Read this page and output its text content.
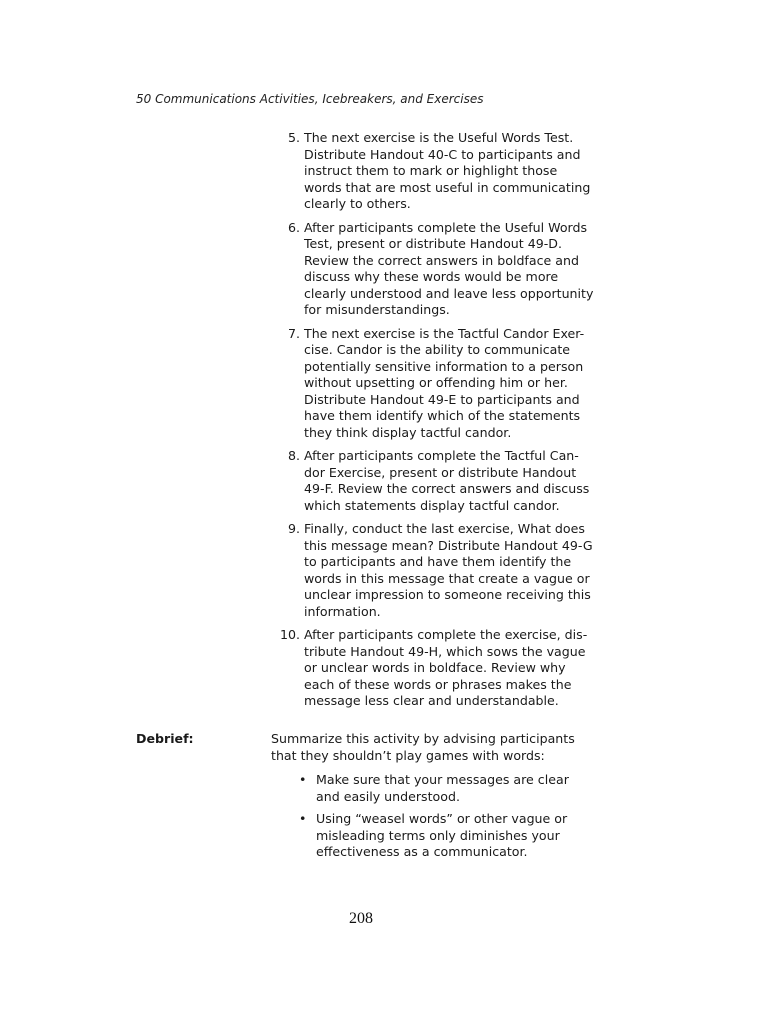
50 Communications Activities, Icebreakers, and Exercises
5. The next exercise is the Useful Words Test. Distribute Handout 40-C to participants and instruct them to mark or highlight those words that are most useful in communicating clearly to others.
6. After participants complete the Useful Words Test, present or distribute Handout 49-D. Review the correct answers in boldface and discuss why these words would be more clearly understood and leave less opportunity for misunderstandings.
7. The next exercise is the Tactful Candor Exer-cise. Candor is the ability to communicate potentially sensitive information to a person without upsetting or offending him or her. Distribute Handout 49-E to participants and have them identify which of the statements they think display tactful candor.
8. After participants complete the Tactful Can-dor Exercise, present or distribute Handout 49-F. Review the correct answers and discuss which statements display tactful candor.
9. Finally, conduct the last exercise, What does this message mean? Distribute Handout 49-G to participants and have them identify the words in this message that create a vague or unclear impression to someone receiving this information.
10. After participants complete the exercise, dis-tribute Handout 49-H, which sows the vague or unclear words in boldface. Review why each of these words or phrases makes the message less clear and understandable.
Debrief:	Summarize this activity by advising participants that they shouldn’t play games with words:

• Make sure that your messages are clear and easily understood.
• Using “weasel words” or other vague or misleading terms only diminishes your effectiveness as a communicator.
208
